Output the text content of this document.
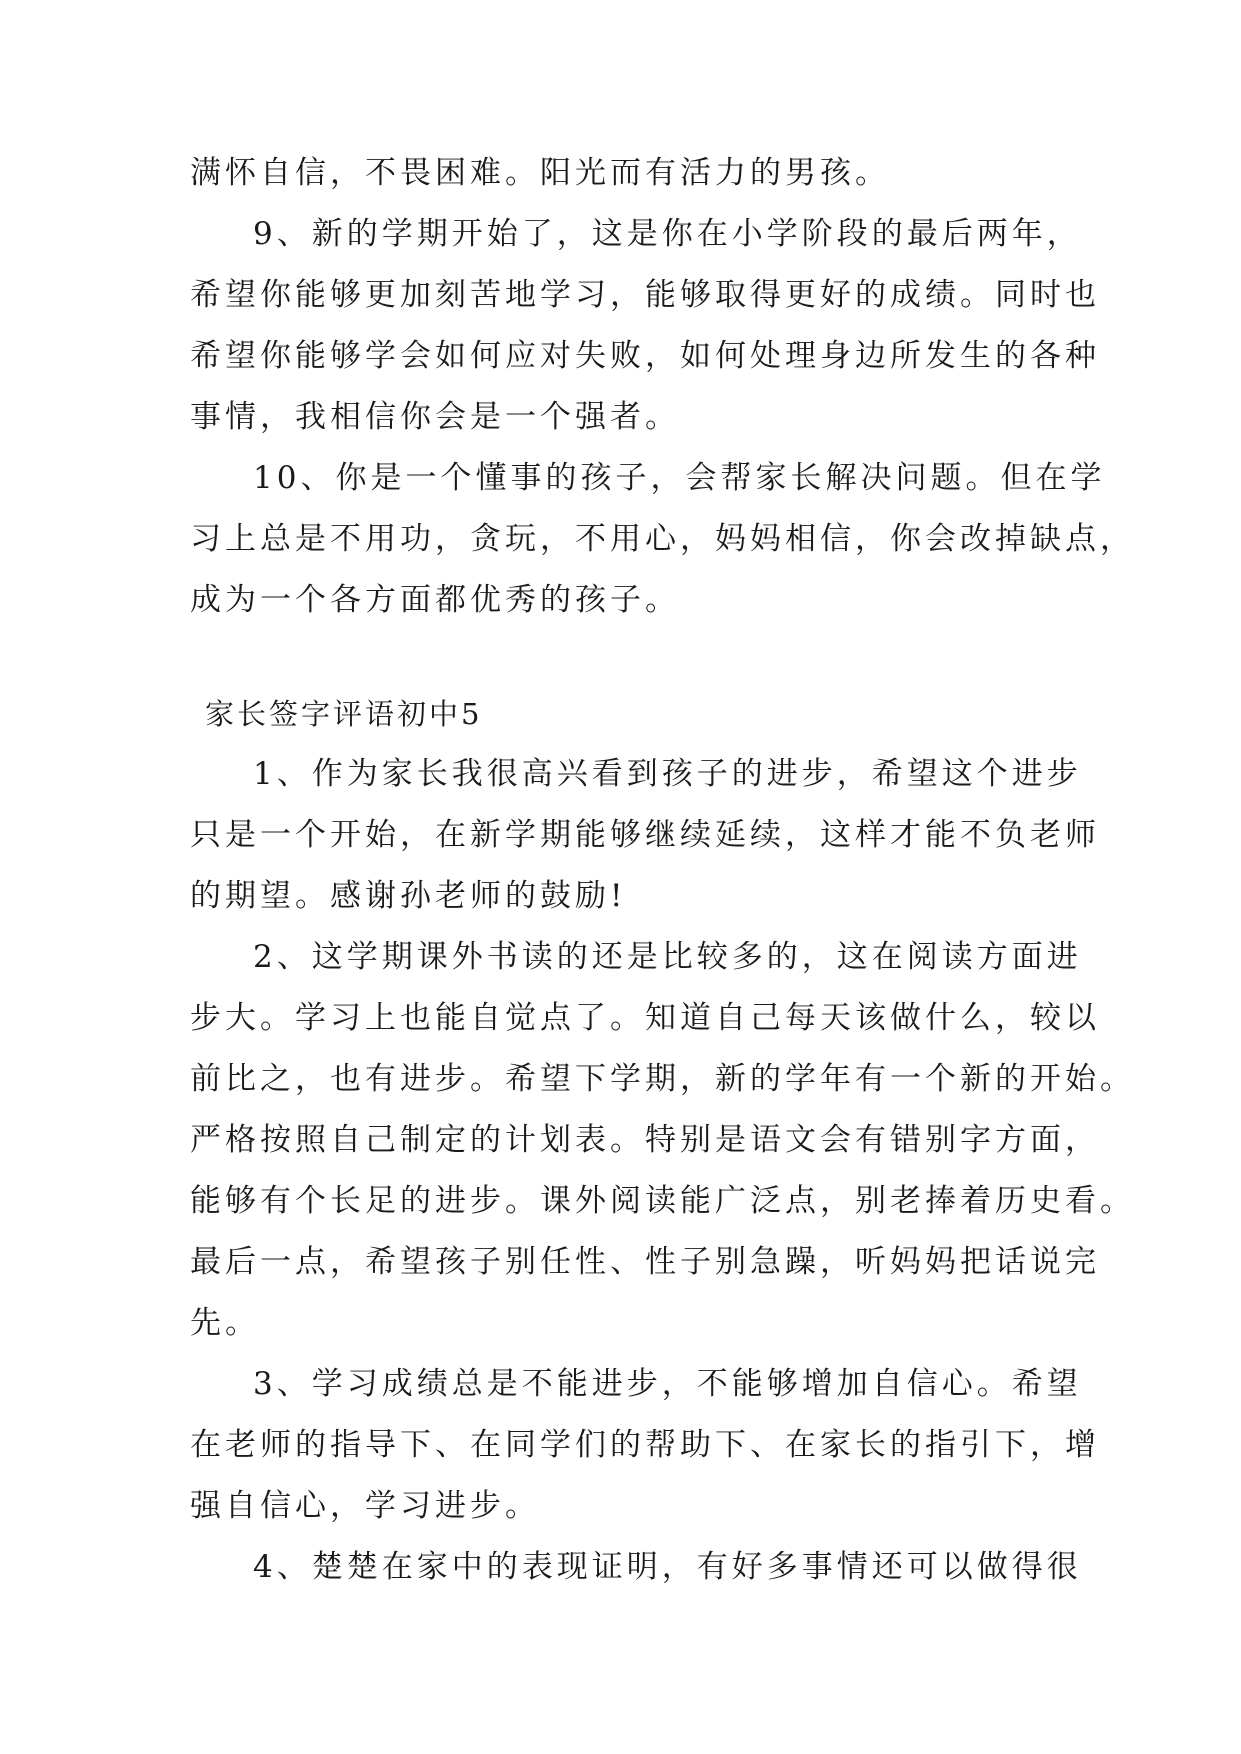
满怀自信，不畏困难。阳光而有活力的男孩。
9、新的学期开始了，这是你在小学阶段的最后两年，
希望你能够更加刻苦地学习，能够取得更好的成绩。同时也
希望你能够学会如何应对失败，如何处理身边所发生的各种
事情，我相信你会是一个强者。
10、你是一个懂事的孩子，会帮家长解决问题。但在学
习上总是不用功，贪玩，不用心，妈妈相信，你会改掉缺点，
成为一个各方面都优秀的孩子。
家长签字评语初中5
1、作为家长我很高兴看到孩子的进步，希望这个进步
只是一个开始，在新学期能够继续延续，这样才能不负老师
的期望。感谢孙老师的鼓励!
2、这学期课外书读的还是比较多的，这在阅读方面进
步大。学习上也能自觉点了。知道自己每天该做什么，较以
前比之，也有进步。希望下学期，新的学年有一个新的开始。
严格按照自己制定的计划表。特别是语文会有错别字方面，
能够有个长足的进步。课外阅读能广泛点，别老捧着历史看。
最后一点，希望孩子别任性、性子别急躁，听妈妈把话说完
先。
3、学习成绩总是不能进步，不能够增加自信心。希望
在老师的指导下、在同学们的帮助下、在家长的指引下，增
强自信心，学习进步。
4、楚楚在家中的表现证明，有好多事情还可以做得很
